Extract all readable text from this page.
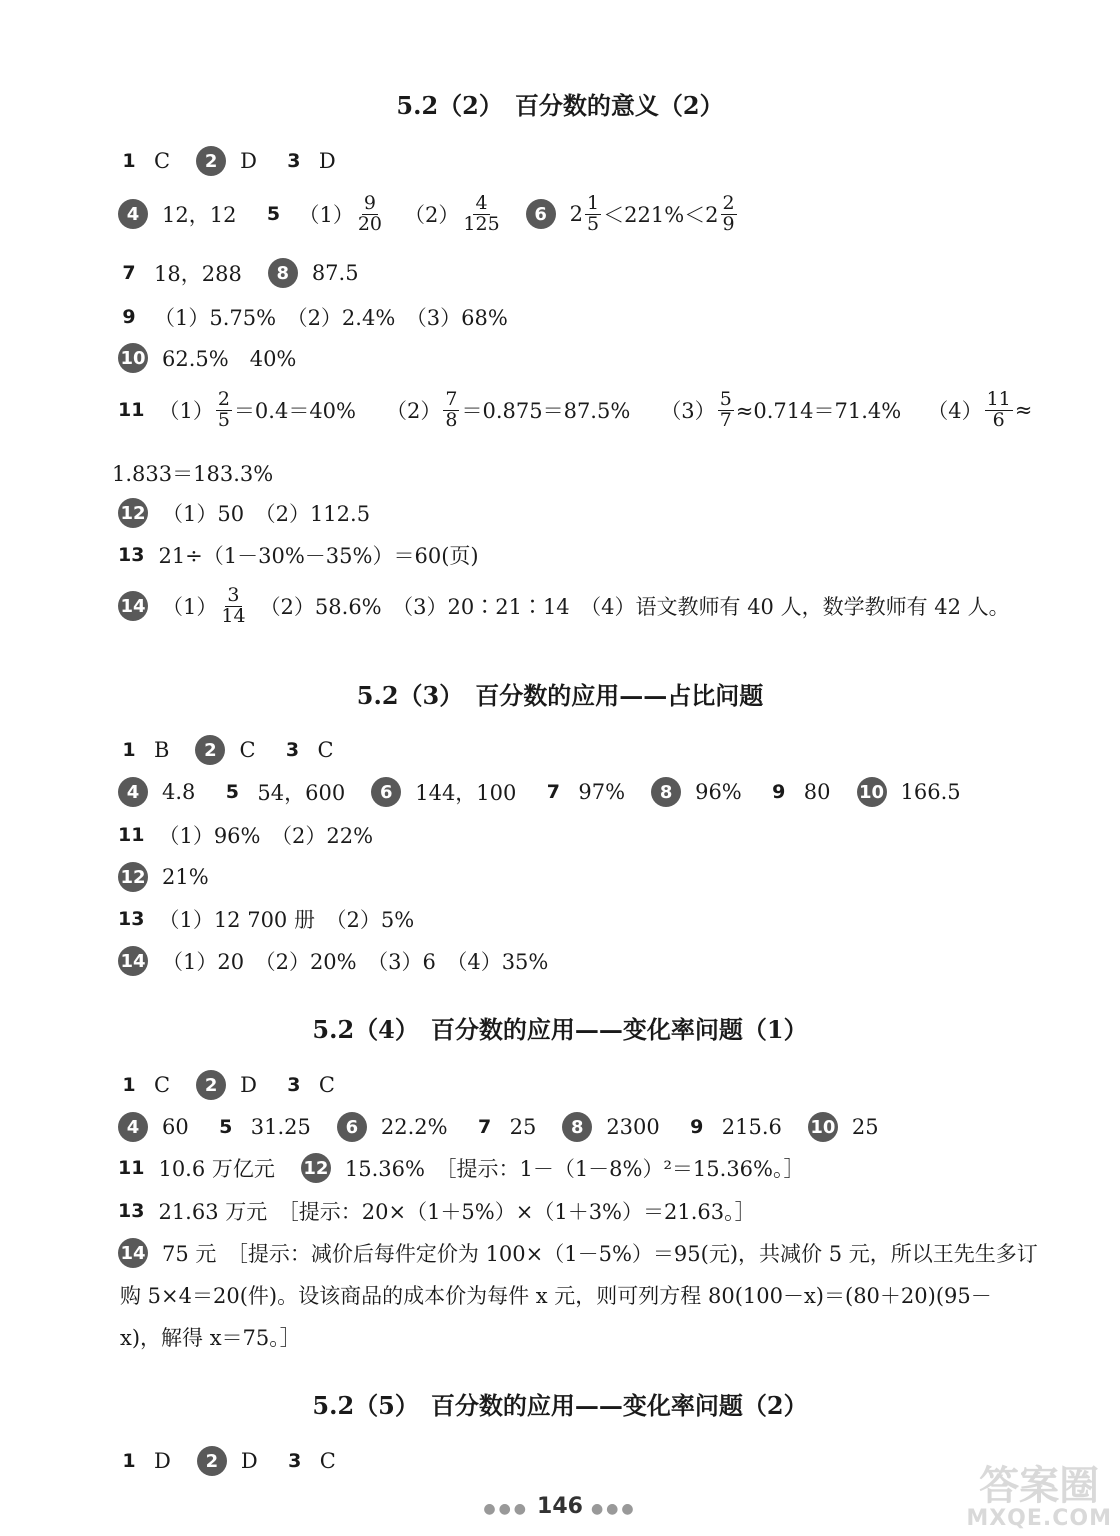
5.2（2）　百分数的意义（2）
1 C	2	D 3 D
4	12，12 5 $(1) \frac{9}{20} (2) \frac{4}{125}$	6	$2 \frac{1}{5} <221\%<2 \frac{2}{9}$
7 18，288	8	87.5
9 （1）5.75%　（2）2.4%　（3）68%
10 62.5%　40%
11 $(1) \frac{2}{5} =0.4=40\%$ $(2) \frac{7}{8} =0.875=87.5\%$ $(3) \frac{5}{7} \approx 0.714=71.4\%$ $(4) \frac{11}{6}$ ≈
1.833＝183.3%
12 （1）50　（2）112.5
13 21÷（1－30%－35%）＝60(页)
14 $(1) \frac{3}{14} (2)58.6\%$　（3）20∶21∶14　（4）语文教师有 40 人，数学教师有 42 人。
5.2（3）　百分数的应用——占比问题
1 B	2	C 3 C
4	4.8 5 54，600	6	144，100 7 97%	8	96% 9 80 10 166.5
11 （1）96%　（2）22%
12 21%
13 （1）12 700 册　（2）5%
14 （1）20　（2）20%　（3）6　（4）35%
5.2（4）　百分数的应用——变化率问题（1）
1 C	2	D 3 C
4	60 5 31.25	6	22.2% 7 25	8	2300 9 215.6 10 25
11 10.6 万亿元 12 15.36%　［提示：1－（1－8%）²＝15.36%。］
13 21.63 万元　［提示：20×（1＋5%）×（1＋3%）＝21.63。］
14 75 元　［提示：减价后每件定价为 100×（1－5%）＝95(元)，共减价 5 元，所以王先生多订
购 5×4＝20(件)。设该商品的成本价为每件 x 元，则可列方程 80(100－x)＝(80＋20)(95－
x)，解得 x＝75。］
5.2（5）　百分数的应用——变化率问题（2）
1 D	2	D 3 C
●●● 146 ●●●
答案圈
MXQE.COM
